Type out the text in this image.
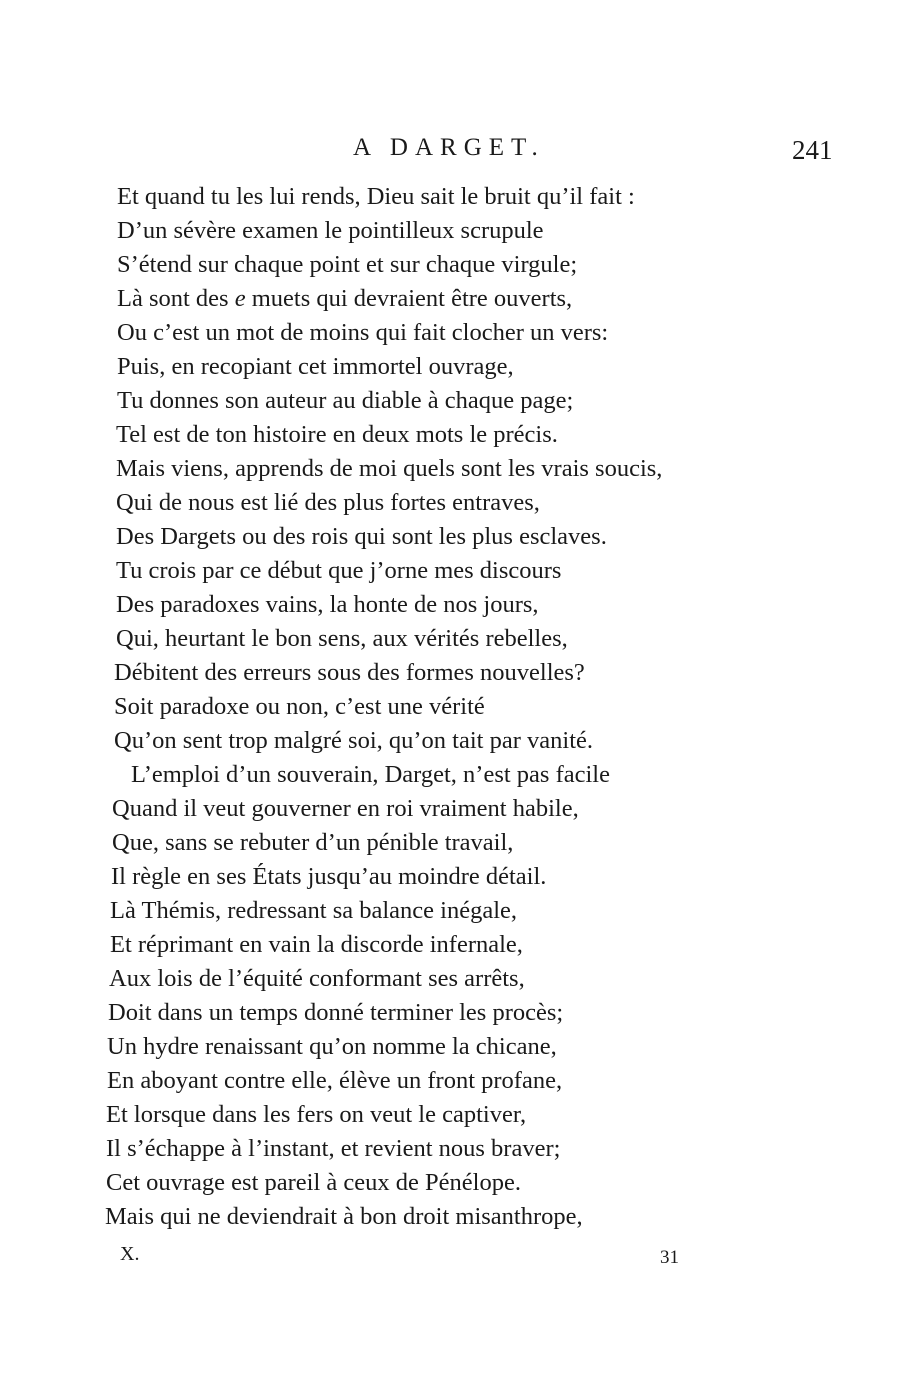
A DARGET.	241
Et quand tu les lui rends, Dieu sait le bruit qu’il fait :
D’un sévère examen le pointilleux scrupule
S’étend sur chaque point et sur chaque virgule;
Là sont des e muets qui devraient être ouverts,
Ou c’est un mot de moins qui fait clocher un vers:
Puis, en recopiant cet immortel ouvrage,
Tu donnes son auteur au diable à chaque page;
Tel est de ton histoire en deux mots le précis.
Mais viens, apprends de moi quels sont les vrais soucis,
Qui de nous est lié des plus fortes entraves,
Des Dargets ou des rois qui sont les plus esclaves.
Tu crois par ce début que j’orne mes discours
Des paradoxes vains, la honte de nos jours,
Qui, heurtant le bon sens, aux vérités rebelles,
Débitent des erreurs sous des formes nouvelles?
Soit paradoxe ou non, c’est une vérité
Qu’on sent trop malgré soi, qu’on tait par vanité.
L’emploi d’un souverain, Darget, n’est pas facile
Quand il veut gouverner en roi vraiment habile,
Que, sans se rebuter d’un pénible travail,
Il règle en ses États jusqu’au moindre détail.
Là Thémis, redressant sa balance inégale,
Et réprimant en vain la discorde infernale,
Aux lois de l’équité conformant ses arrêts,
Doit dans un temps donné terminer les procès;
Un hydre renaissant qu’on nomme la chicane,
En aboyant contre elle, élève un front profane,
Et lorsque dans les fers on veut le captiver,
Il s’échappe à l’instant, et revient nous braver;
Cet ouvrage est pareil à ceux de Pénélope.
Mais qui ne deviendrait à bon droit misanthrope,
X.	31
